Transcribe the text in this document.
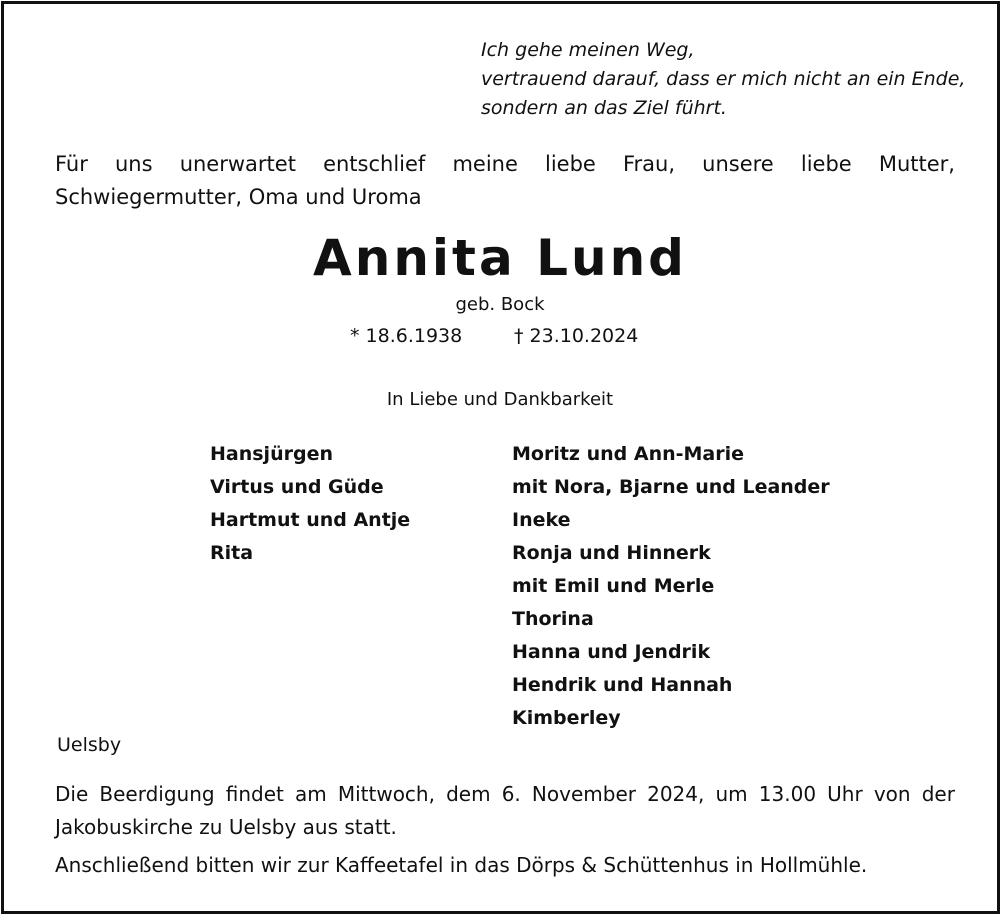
Ich gehe meinen Weg,
vertrauend darauf, dass er mich nicht an ein Ende,
sondern an das Ziel führt.
Für uns unerwartet entschlief meine liebe Frau, unsere liebe Mutter,
Schwiegermutter, Oma und Uroma
Annita Lund
geb. Bock
* 18.6.1938	† 23.10.2024
In Liebe und Dankbarkeit
Hansjürgen
Virtus und Güde
Hartmut und Antje
Rita
Moritz und Ann-Marie
mit Nora, Bjarne und Leander
Ineke
Ronja und Hinnerk
mit Emil und Merle
Thorina
Hanna und Jendrik
Hendrik und Hannah
Kimberley
Uelsby
Die Beerdigung findet am Mittwoch, dem 6. November 2024, um 13.00 Uhr von der
Jakobuskirche zu Uelsby aus statt.
Anschließend bitten wir zur Kaffeetafel in das Dörps & Schüttenhus in Hollmühle.
